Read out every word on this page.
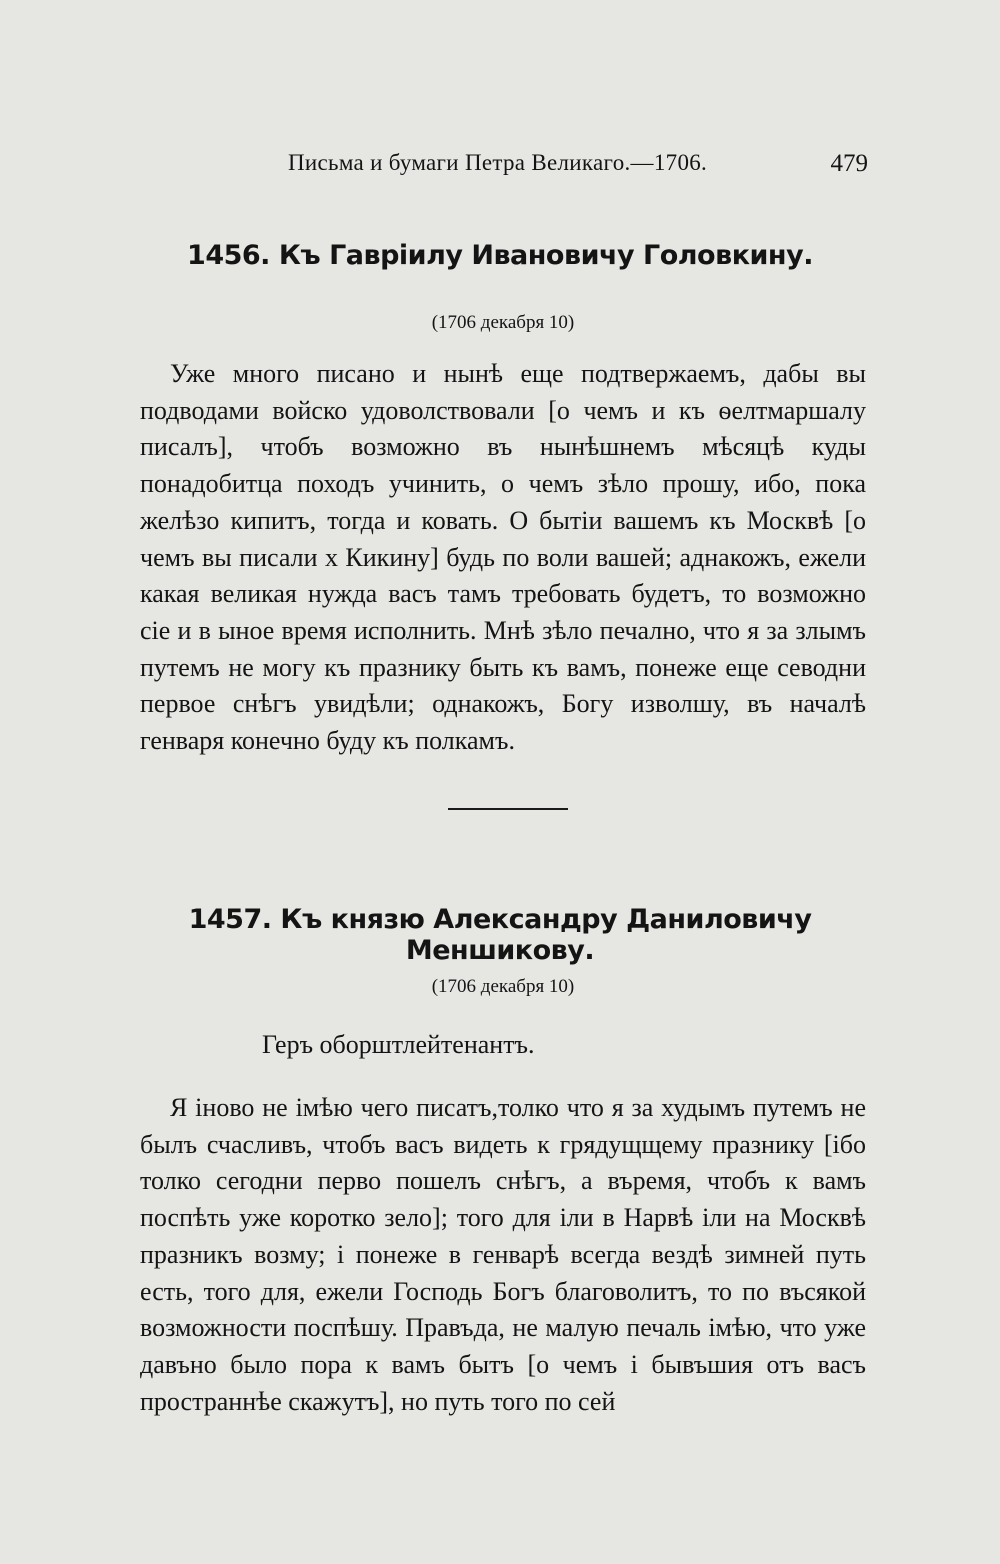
Письма и бумаги Петра Великаго.—1706.	479
1456. Къ Гаврiилу Ивановичу Головкину.
(1706 декабря 10)

Уже много писано и нынѣ еще подтвержаемъ, дабы вы подводами войско удоволствовали [о чемъ и къ ѳелтмаршалу писалъ], чтобъ возможно въ нынѣшнемъ мѣсяцѣ куды понадобитца походъ учинить, о чемъ зѣло прошу, ибо, пока желѣзо кипитъ, тогда и ковать. О бытiи вашемъ къ Москвѣ [о чемъ вы писали х Кикину] будь по воли вашей; аднакожъ, ежели какая великая нужда васъ тамъ требовать будетъ, то возможно сiе и в ыное время исполнить. Мнѣ зѣло печално, что я за злымъ путемъ не могу къ празнику быть къ вамъ, понеже еще севодни первое снѣгъ увидѣли; однакожъ, Богу изволшу, въ началѣ генваря конечно буду къ полкамъ.

1457. Къ князю Александру Даниловичу Меншикову.
(1706 декабря 10)
Геръ оборштлейтенантъ.

Я iново не iмѣю чего писатъ,толко что я за худымъ путемъ не былъ счасливъ, чтобъ васъ видеть к грядущщему празнику [iбо толко сегодни перво пошелъ снѣгъ, а въремя, чтобъ к вамъ поспѣть уже коротко зело]; того для iли в Нарвѣ iли на Москвѣ празникъ возму; i понеже в генварѣ всегда вездѣ зимней путь есть, того для, ежели Господь Богъ благоволитъ, то по въсякой возможности поспѣшу. Правъда, не малую печаль iмѣю, что уже давъно было пора к вамъ бытъ [о чемъ i бывъшия отъ васъ пространнѣе скажутъ], но путь того по сей
